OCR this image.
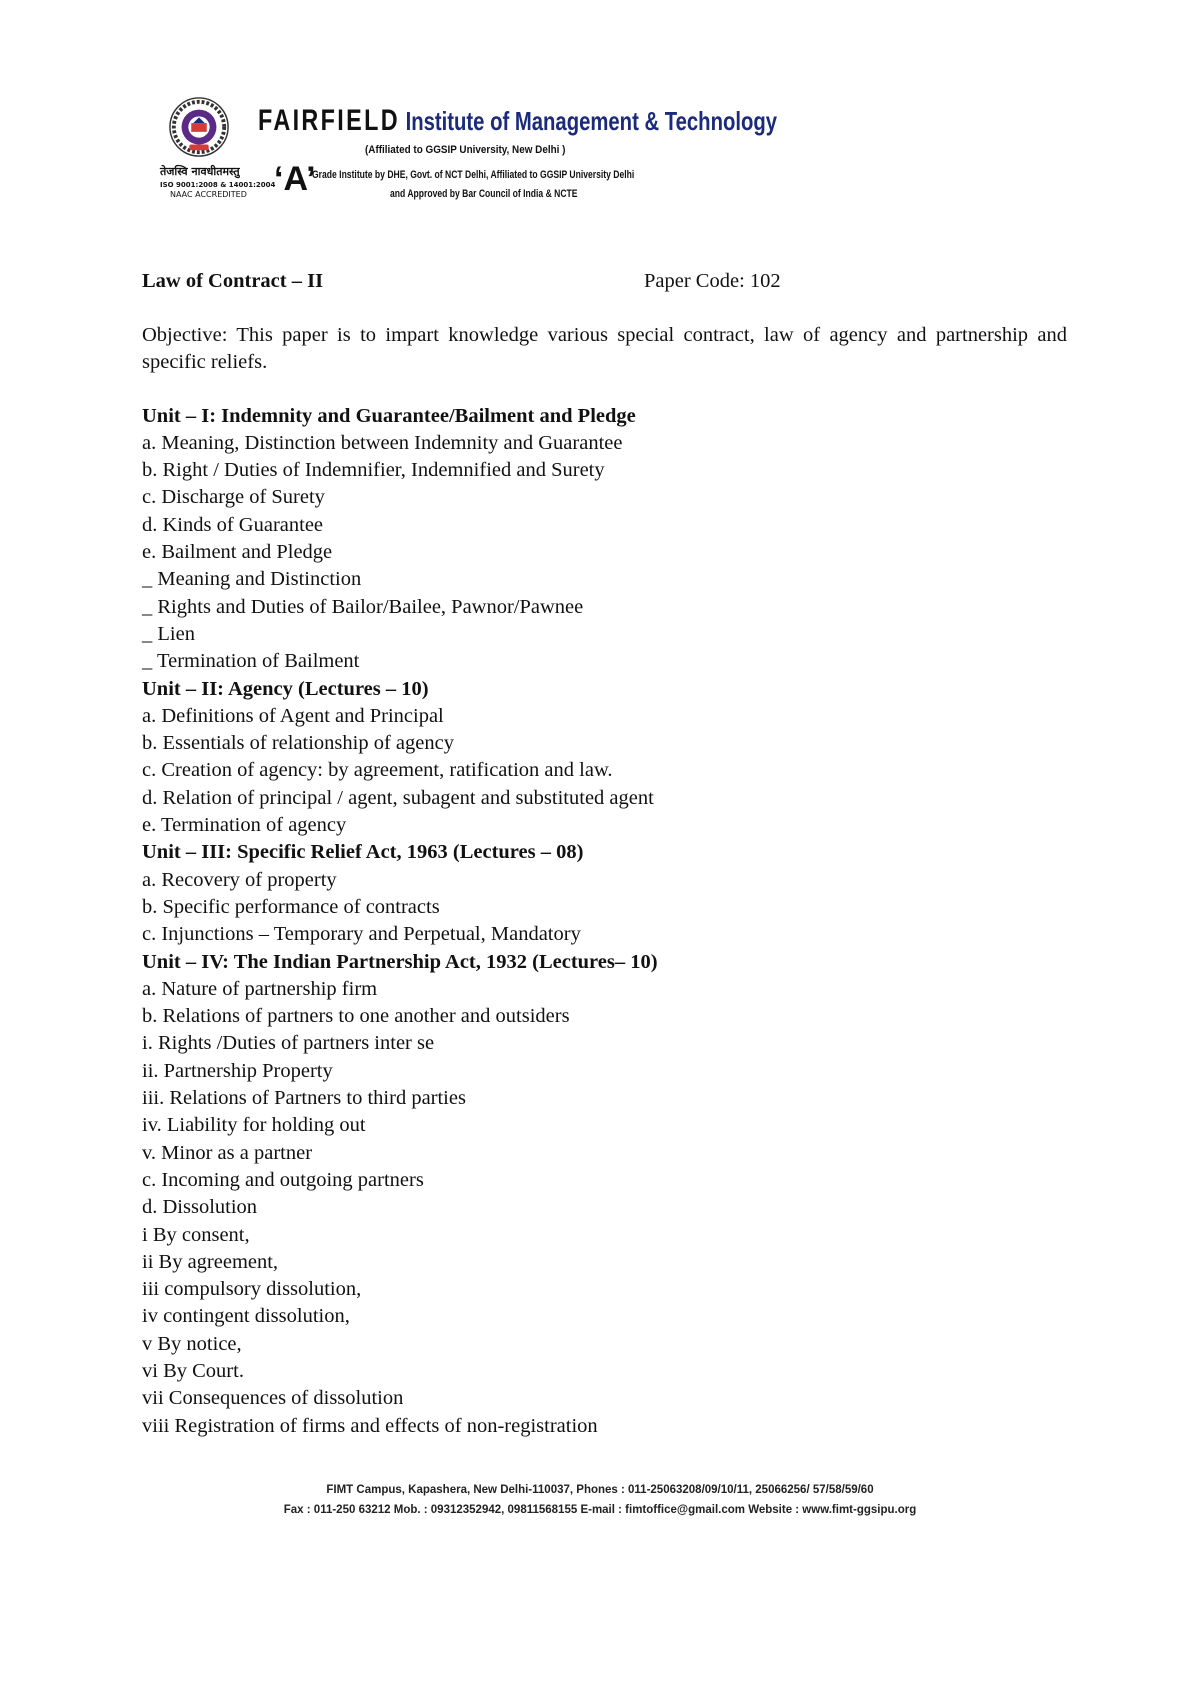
तेजस्वि नावधीतमस्तु
ISO 9001:2008 & 14001:2004
NAAC ACCREDITED
FAIRFIELD Institute of Management & Technology
(Affiliated to GGSIP University, New Delhi )
‘A’
Grade Institute by DHE, Govt. of NCT Delhi, Affiliated to GGSIP University Delhi
and Approved by Bar Council of India & NCTE
Law of Contract – II	Paper Code: 102
Objective: This paper is to impart knowledge various special contract, law of agency and partnership and specific reliefs.
Unit – I: Indemnity and Guarantee/Bailment and Pledge
a. Meaning, Distinction between Indemnity and Guarantee
b. Right / Duties of Indemnifier, Indemnified and Surety
c. Discharge of Surety
d. Kinds of Guarantee
e. Bailment and Pledge
_ Meaning and Distinction
_ Rights and Duties of Bailor/Bailee, Pawnor/Pawnee
_ Lien
_ Termination of Bailment
Unit – II: Agency (Lectures – 10)
a. Definitions of Agent and Principal
b. Essentials of relationship of agency
c. Creation of agency: by agreement, ratification and law.
d. Relation of principal / agent, subagent and substituted agent
e. Termination of agency
Unit – III: Specific Relief Act, 1963 (Lectures – 08)
a. Recovery of property
b. Specific performance of contracts
c. Injunctions – Temporary and Perpetual, Mandatory
Unit – IV: The Indian Partnership Act, 1932 (Lectures– 10)
a. Nature of partnership firm
b. Relations of partners to one another and outsiders
i. Rights /Duties of partners inter se
ii. Partnership Property
iii. Relations of Partners to third parties
iv. Liability for holding out
v. Minor as a partner
c. Incoming and outgoing partners
d. Dissolution
i By consent,
ii By agreement,
iii compulsory dissolution,
iv contingent dissolution,
v By notice,
vi By Court.
vii Consequences of dissolution
viii Registration of firms and effects of non-registration
FIMT Campus, Kapashera, New Delhi-110037, Phones : 011-25063208/09/10/11, 25066256/ 57/58/59/60
Fax : 011-250 63212 Mob. : 09312352942, 09811568155 E-mail : fimtoffice@gmail.com Website : www.fimt-ggsipu.org
